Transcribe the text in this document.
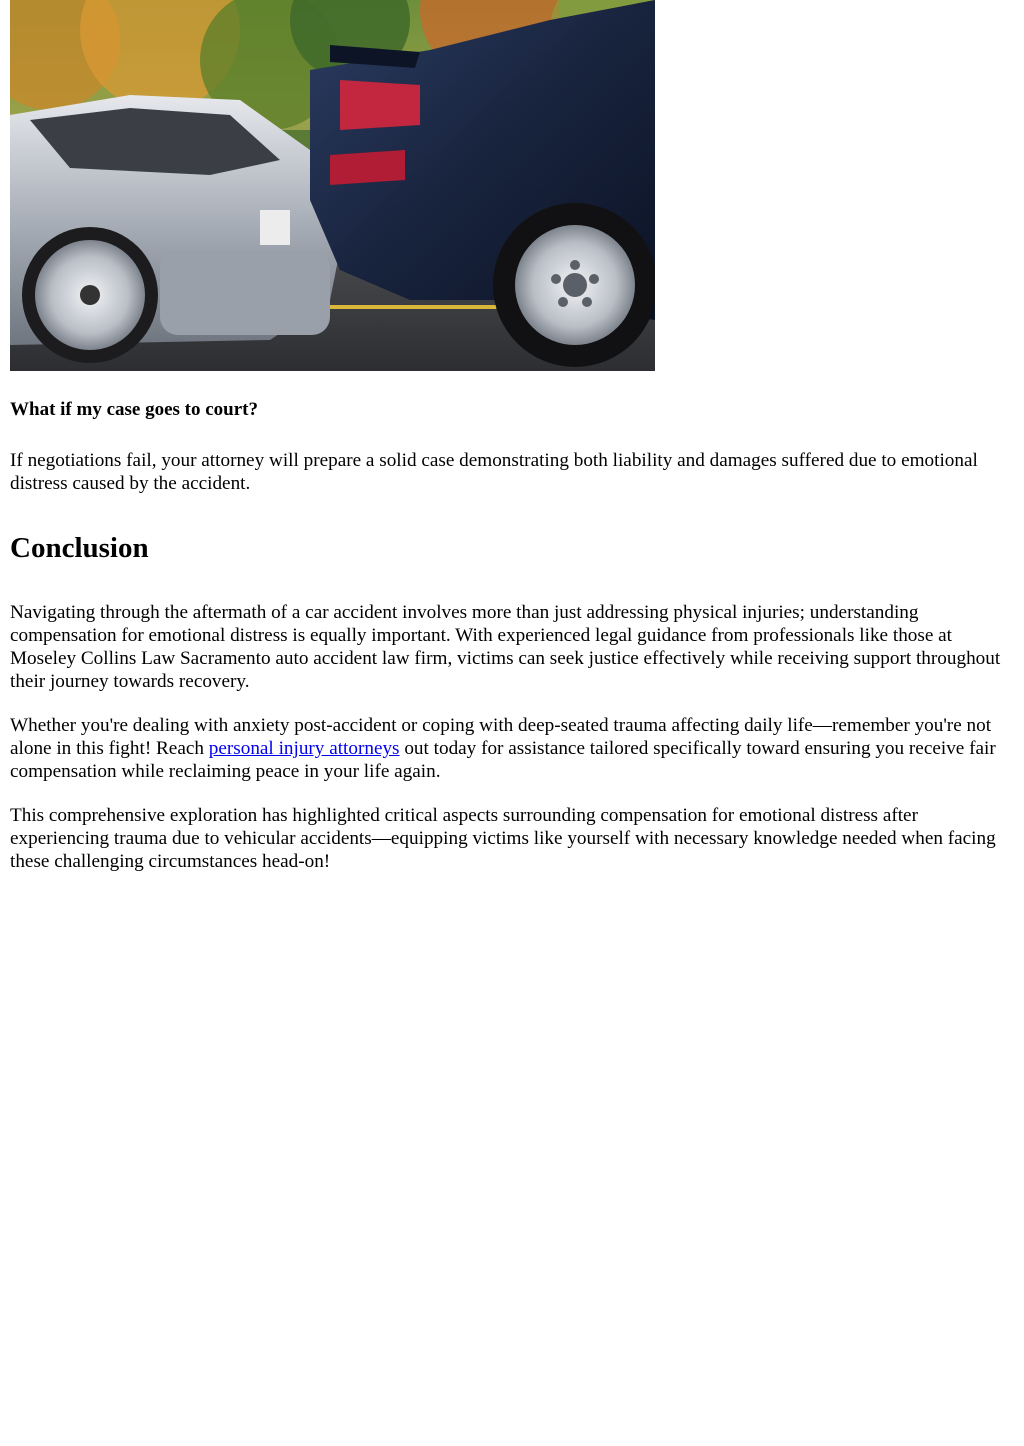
What if my case goes to court?

If negotiations fail, your attorney will prepare a solid case demonstrating both liability and damages suffered due to emotional distress caused by the accident.

Conclusion

Navigating through the aftermath of a car accident involves more than just addressing physical injuries; understanding compensation for emotional distress is equally important. With experienced legal guidance from professionals like those at Moseley Collins Law Sacramento auto accident law firm, victims can seek justice effectively while receiving support throughout their journey towards recovery.

Whether you're dealing with anxiety post-accident or coping with deep-seated trauma affecting daily life—remember you're not alone in this fight! Reach personal injury attorneys out today for assistance tailored specifically toward ensuring you receive fair compensation while reclaiming peace in your life again.

This comprehensive exploration has highlighted critical aspects surrounding compensation for emotional distress after experiencing trauma due to vehicular accidents—equipping victims like yourself with necessary knowledge needed when facing these challenging circumstances head-on!
